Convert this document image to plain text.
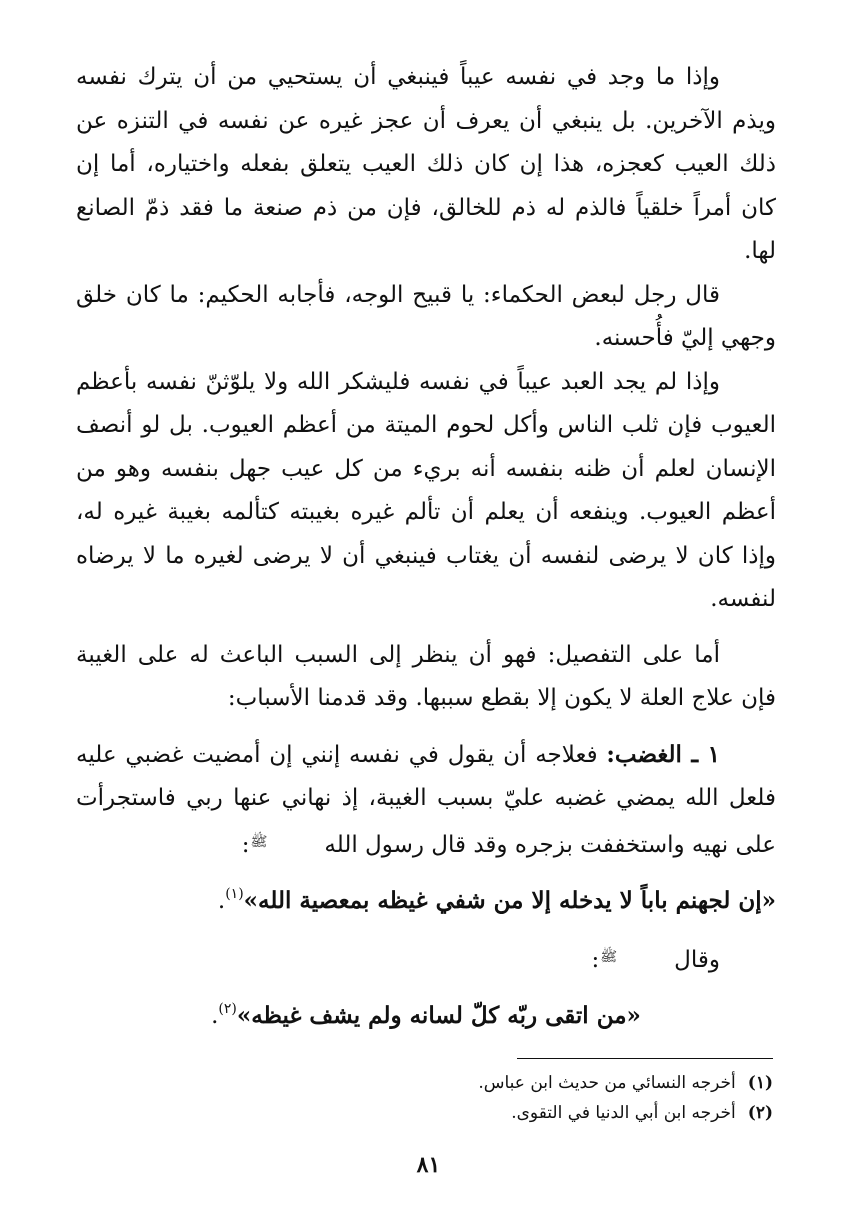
وإذا ما وجد في نفسه عيباً فينبغي أن يستحيي من أن يترك نفسه ويذم الآخرين. بل ينبغي أن يعرف أن عجز غيره عن نفسه في التنزه عن ذلك العيب كعجزه، هذا إن كان ذلك العيب يتعلق بفعله واختياره، أما إن كان أمراً خلقياً فالذم له ذم للخالق، فإن من ذم صنعة ما فقد ذمّ الصانع لها.

قال رجل لبعض الحكماء: يا قبيح الوجه، فأجابه الحكيم: ما كان خلق وجهي إليّ فأُحسنه.

وإذا لم يجد العبد عيباً في نفسه فليشكر الله ولا يلوّثنّ نفسه بأعظم العيوب فإن ثلب الناس وأكل لحوم الميتة من أعظم العيوب. بل لو أنصف الإنسان لعلم أن ظنه بنفسه أنه بريء من كل عيب جهل بنفسه وهو من أعظم العيوب. وينفعه أن يعلم أن تألم غيره بغيبته كتألمه بغيبة غيره له، وإذا كان لا يرضى لنفسه أن يغتاب فينبغي أن لا يرضى لغيره ما لا يرضاه لنفسه.

أما على التفصيل: فهو أن ينظر إلى السبب الباعث له على الغيبة فإن علاج العلة لا يكون إلا بقطع سببها. وقد قدمنا الأسباب:

١ ـ الغضب: فعلاجه أن يقول في نفسه إنني إن أمضيت غضبي عليه فلعل الله يمضي غضبه عليّ بسبب الغيبة، إذ نهاني عنها ربي فاستجرأت على نهيه واستخففت بزجره وقد قال رسول اللهﷺ:

«إن لجهنم باباً لا يدخله إلا من شفي غيظه بمعصية الله»$^{(١)}$.

وقالﷺ:

«من اتقى ربّه كلّ لسانه ولم يشف غيظه»$^{(٢)}$.

(١)أخرجه النسائي من حديث ابن عباس.
(٢)أخرجه ابن أبي الدنيا في التقوى.
٨١
